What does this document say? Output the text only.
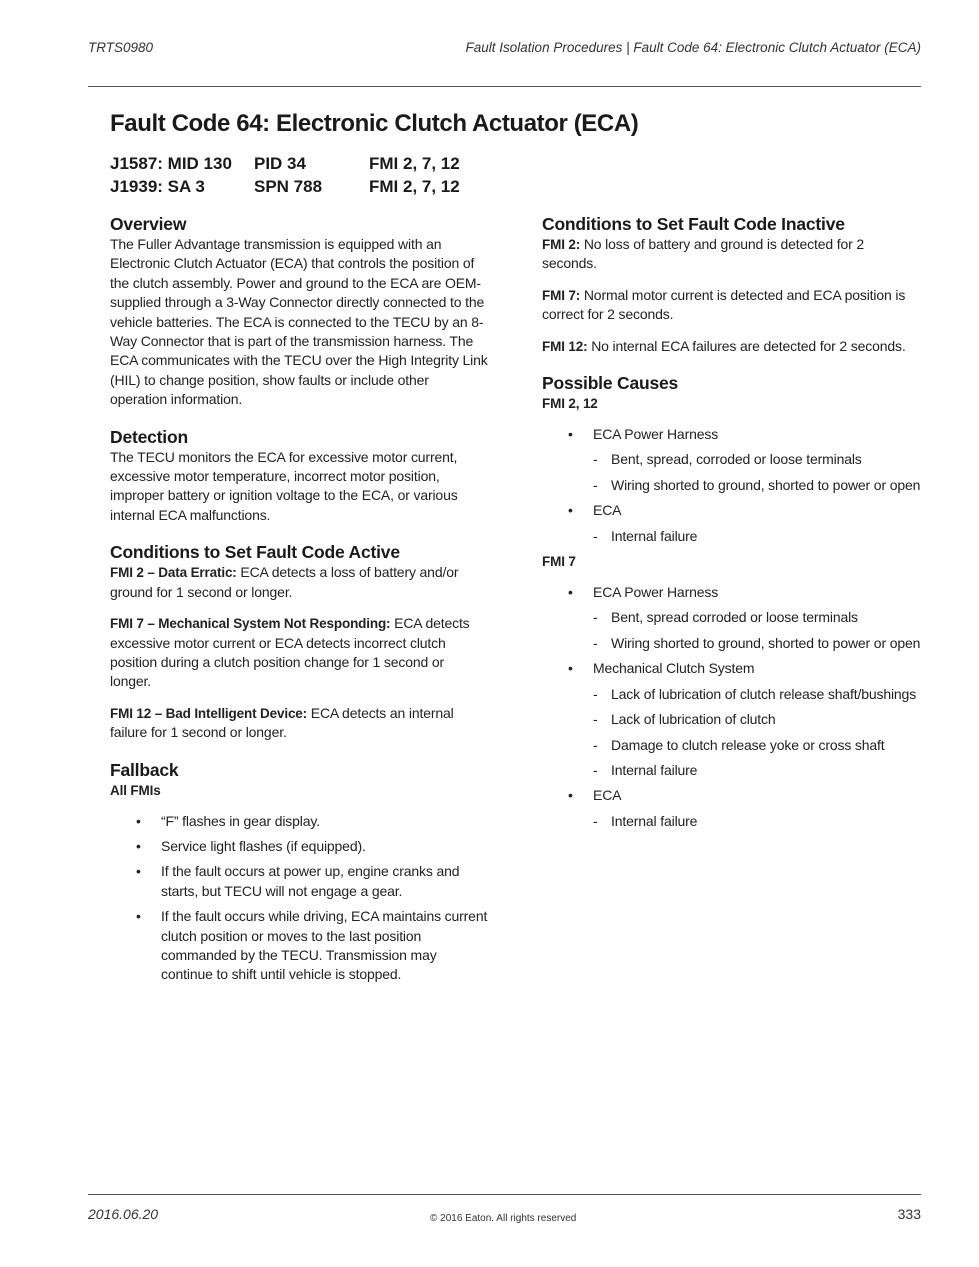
TRTS0980	Fault Isolation Procedures | Fault Code 64: Electronic Clutch Actuator (ECA)
Fault Code 64: Electronic Clutch Actuator (ECA)
J1587: MID 130 PID 34	FMI 2, 7, 12
J1939: SA 3	SPN 788	FMI 2, 7, 12
Overview

The Fuller Advantage transmission is equipped with an Electronic Clutch Actuator (ECA) that controls the position of the clutch assembly. Power and ground to the ECA are OEM-supplied through a 3-Way Connector directly connected to the vehicle batteries. The ECA is connected to the TECU by an 8-Way Connector that is part of the transmission harness. The ECA communicates with the TECU over the High Integrity Link (HIL) to change position, show faults or include other operation information.

Detection

The TECU monitors the ECA for excessive motor current, excessive motor temperature, incorrect motor position, improper battery or ignition voltage to the ECA, or various internal ECA malfunctions.

Conditions to Set Fault Code Active

FMI 2 – Data Erratic: ECA detects a loss of battery and/or ground for 1 second or longer.

FMI 7 – Mechanical System Not Responding: ECA detects excessive motor current or ECA detects incorrect clutch position during a clutch position change for 1 second or longer.

FMI 12 – Bad Intelligent Device: ECA detects an internal failure for 1 second or longer.

Fallback
All FMIs
• “F” flashes in gear display.
• Service light flashes (if equipped).
• If the fault occurs at power up, engine cranks and starts, but TECU will not engage a gear.
• If the fault occurs while driving, ECA maintains current clutch position or moves to the last position commanded by the TECU. Transmission may continue to shift until vehicle is stopped.
Conditions to Set Fault Code Inactive

FMI 2: No loss of battery and ground is detected for 2 seconds.

FMI 7: Normal motor current is detected and ECA position is correct for 2 seconds.

FMI 12: No internal ECA failures are detected for 2 seconds.

Possible Causes
FMI 2, 12
• ECA Power Harness
- Bent, spread, corroded or loose terminals
- Wiring shorted to ground, shorted to power or open
• ECA
- Internal failure
FMI 7
• ECA Power Harness
- Bent, spread corroded or loose terminals
- Wiring shorted to ground, shorted to power or open
• Mechanical Clutch System
- Lack of lubrication of clutch release shaft/bushings
- Lack of lubrication of clutch
- Damage to clutch release yoke or cross shaft
- Internal failure
• ECA
- Internal failure
2016.06.20	© 2016 Eaton. All rights reserved	333
